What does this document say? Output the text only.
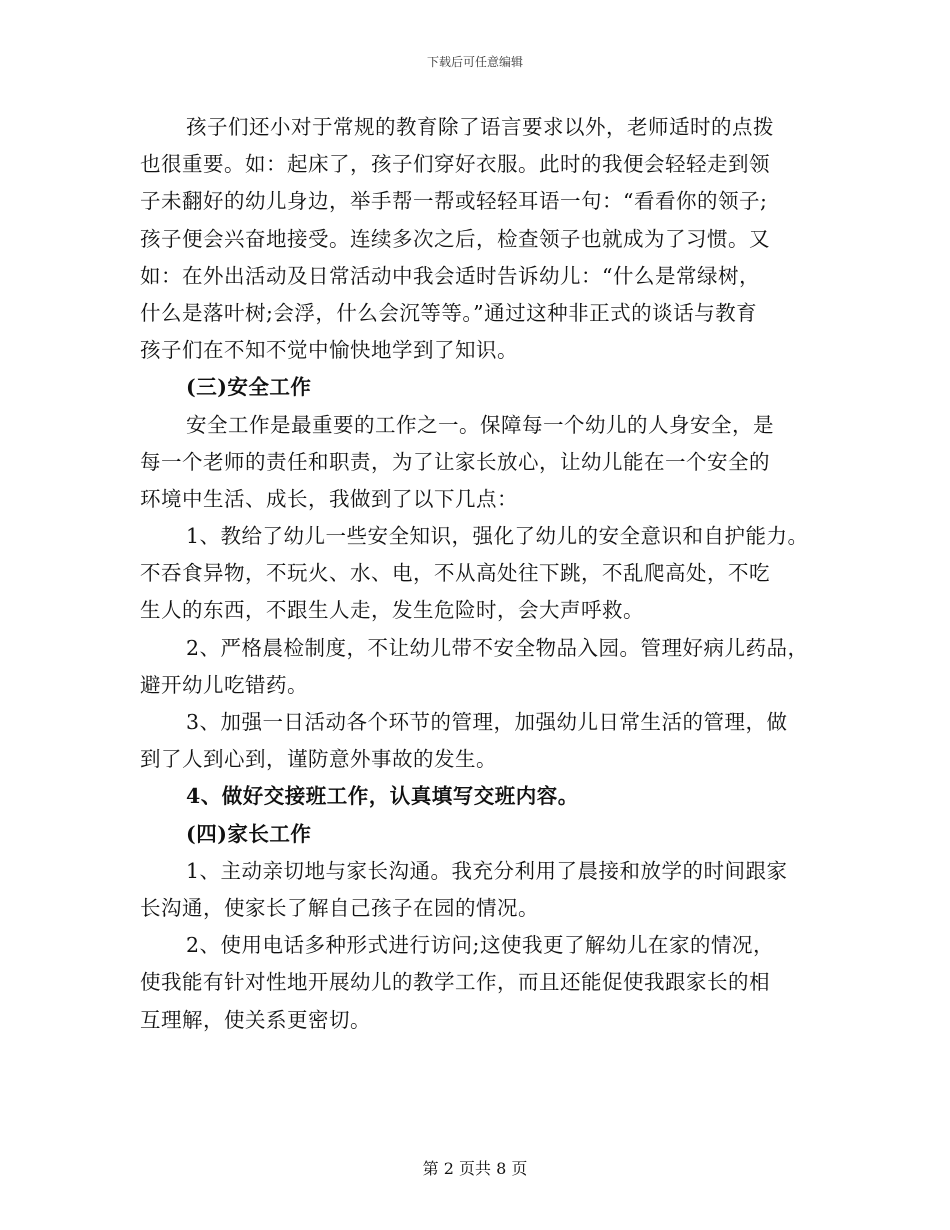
下载后可任意编辑
孩子们还小对于常规的教育除了语言要求以外，老师适时的点拨
也很重要。如：起床了，孩子们穿好衣服。此时的我便会轻轻走到领
子未翻好的幼儿身边，举手帮一帮或轻轻耳语一句：“看看你的领子;
孩子便会兴奋地接受。连续多次之后，检查领子也就成为了习惯。又
如：在外出活动及日常活动中我会适时告诉幼儿：“什么是常绿树，
什么是落叶树;会浮，什么会沉等等。”通过这种非正式的谈话与教育
孩子们在不知不觉中愉快地学到了知识。
(三)安全工作
安全工作是最重要的工作之一。保障每一个幼儿的人身安全，是
每一个老师的责任和职责，为了让家长放心，让幼儿能在一个安全的
环境中生活、成长，我做到了以下几点：
1、教给了幼儿一些安全知识，强化了幼儿的安全意识和自护能力。
不吞食异物，不玩火、水、电，不从高处往下跳，不乱爬高处，不吃
生人的东西，不跟生人走，发生危险时，会大声呼救。
2、严格晨检制度，不让幼儿带不安全物品入园。管理好病儿药品，
避开幼儿吃错药。
3、加强一日活动各个环节的管理，加强幼儿日常生活的管理，做
到了人到心到，谨防意外事故的发生。
4、做好交接班工作，认真填写交班内容。
(四)家长工作
1、主动亲切地与家长沟通。我充分利用了晨接和放学的时间跟家
长沟通，使家长了解自己孩子在园的情况。
2、使用电话多种形式进行访问;这使我更了解幼儿在家的情况，
使我能有针对性地开展幼儿的教学工作，而且还能促使我跟家长的相
互理解，使关系更密切。
第 2 页共 8 页
